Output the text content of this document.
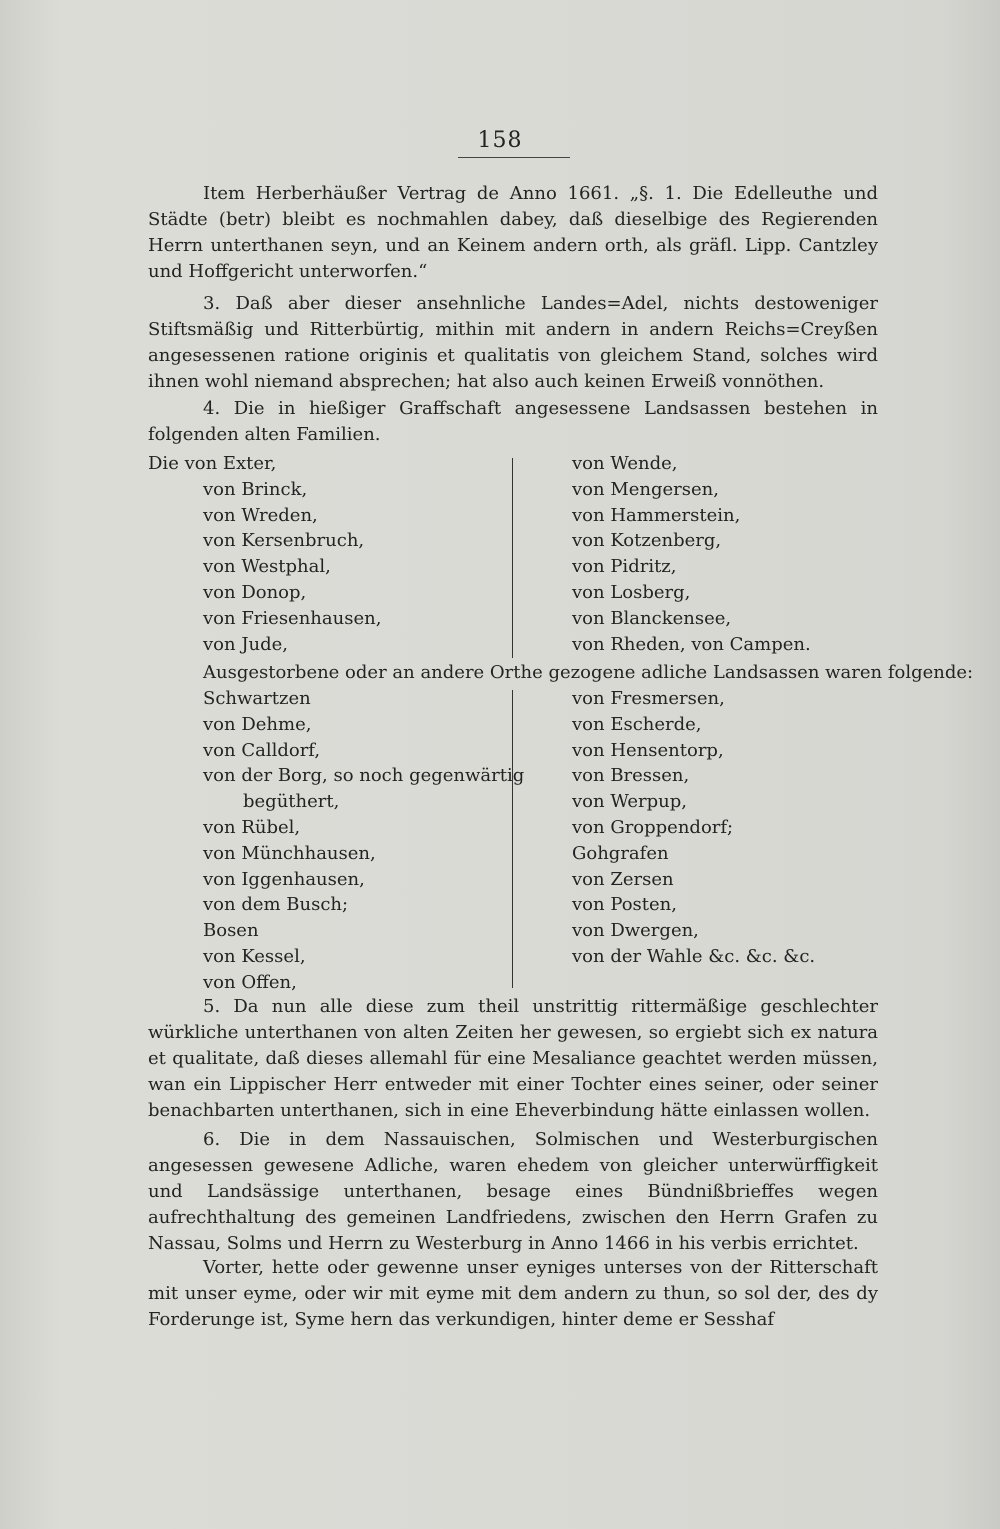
158

Item Herberhäußer Vertrag de Anno 1661. „§. 1. Die Edelleuthe und Städte (betr) bleibt es nochmahlen dabey, daß dieselbige des Regierenden Herrn unterthanen seyn, und an Keinem andern orth, als gräfl. Lipp. Cantzley und Hoffgericht unterworfen.“

3. Daß aber dieser ansehnliche Landes=Adel, nichts destoweniger Stiftsmäßig und Ritterbürtig, mithin mit andern in andern Reichs=Creyßen angesessenen ratione originis et qualitatis von gleichem Stand, solches wird ihnen wohl niemand absprechen; hat also auch keinen Erweiß vonnöthen.

4. Die in hießiger Graffschaft angesessene Landsassen bestehen in folgenden alten Familien.

Die von Exter,
von Brinck,
von Wreden,
von Kersenbruch,
von Westphal,
von Donop,
von Friesenhausen,
von Jude,
von Wende,
von Mengersen,
von Hammerstein,
von Kotzenberg,
von Pidritz,
von Losberg,
von Blanckensee,
von Rheden, von Campen.
Ausgestorbene oder an andere Orthe gezogene adliche Landsassen waren folgende:
Schwartzen
von Dehme,
von Calldorf,
von der Borg, so noch gegenwärtig
begüthert,
von Rübel,
von Münchhausen,
von Iggenhausen,
von dem Busch;
Bosen
von Kessel,
von Offen,
von Fresmersen,
von Escherde,
von Hensentorp,
von Bressen,
von Werpup,
von Groppendorf;
Gohgrafen
von Zersen
von Posten,
von Dwergen,
von der Wahle &c. &c. &c.

5. Da nun alle diese zum theil unstrittig rittermäßige geschlechter würkliche unterthanen von alten Zeiten her gewesen, so ergiebt sich ex natura et qualitate, daß dieses allemahl für eine Mesaliance geachtet werden müssen, wan ein Lippischer Herr entweder mit einer Tochter eines seiner, oder seiner benachbarten unterthanen, sich in eine Eheverbindung hätte einlassen wollen.

6. Die in dem Nassauischen, Solmischen und Westerburgischen angesessen gewesene Adliche, waren ehedem von gleicher unterwürffigkeit und Landsässige unterthanen, besage eines Bündnißbrieffes wegen aufrechthaltung des gemeinen Landfriedens, zwischen den Herrn Grafen zu Nassau, Solms und Herrn zu Westerburg in Anno 1466 in his verbis errichtet.

Vorter, hette oder gewenne unser eyniges unterses von der Ritterschaft mit unser eyme, oder wir mit eyme mit dem andern zu thun, so sol der, des dy Forderunge ist, Syme hern das verkundigen, hinter deme er Sesshaf
